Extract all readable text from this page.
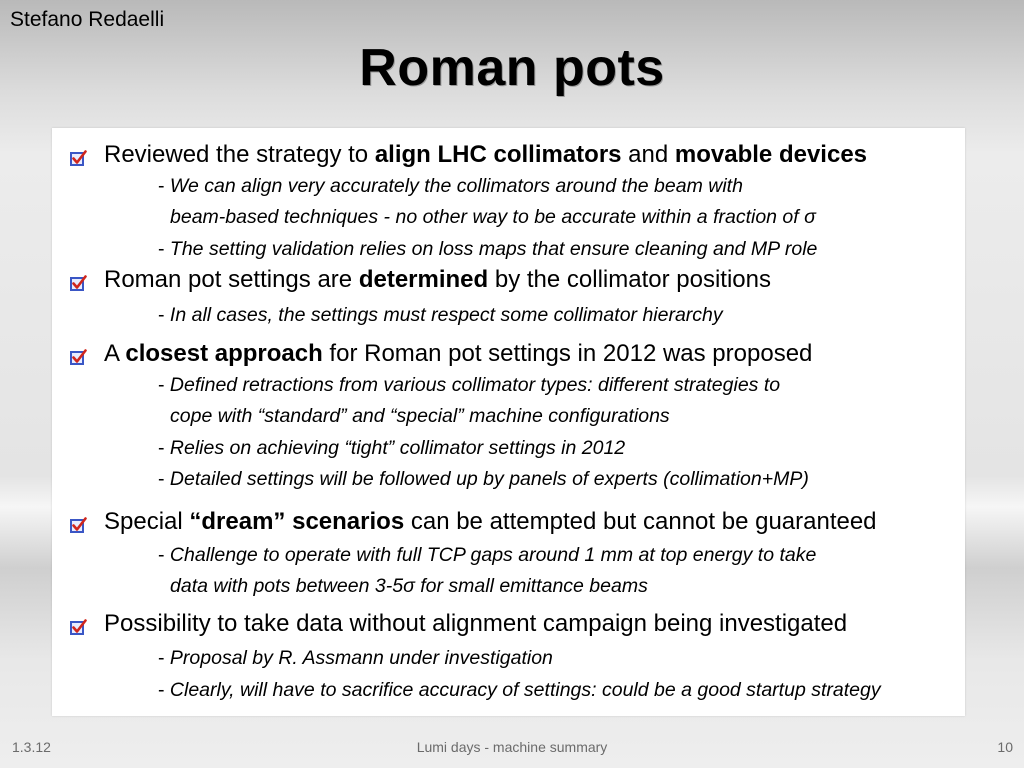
Stefano Redaelli
Roman pots
Reviewed the strategy to align LHC collimators and movable devices
- We can align very accurately the collimators around the beam with
beam-based techniques - no other way to be accurate within a fraction of σ
- The setting validation relies on loss maps that ensure cleaning and MP role
Roman pot settings are determined by the collimator positions
- In all cases, the settings must respect some collimator hierarchy
A closest approach for Roman pot settings in 2012 was proposed
- Defined retractions from various collimator types: different strategies to
cope with “standard” and “special” machine configurations
- Relies on achieving “tight” collimator settings in 2012
- Detailed settings will be followed up by panels of experts (collimation+MP)
Special “dream” scenarios can be attempted but cannot be guaranteed
- Challenge to operate with full TCP gaps around 1 mm at top energy to take
data with pots between 3-5σ for small emittance beams
Possibility to take data without alignment campaign being investigated
- Proposal by R. Assmann under investigation
- Clearly, will have to sacrifice accuracy of settings: could be a good startup strategy
1.3.12	Lumi days - machine summary	10
